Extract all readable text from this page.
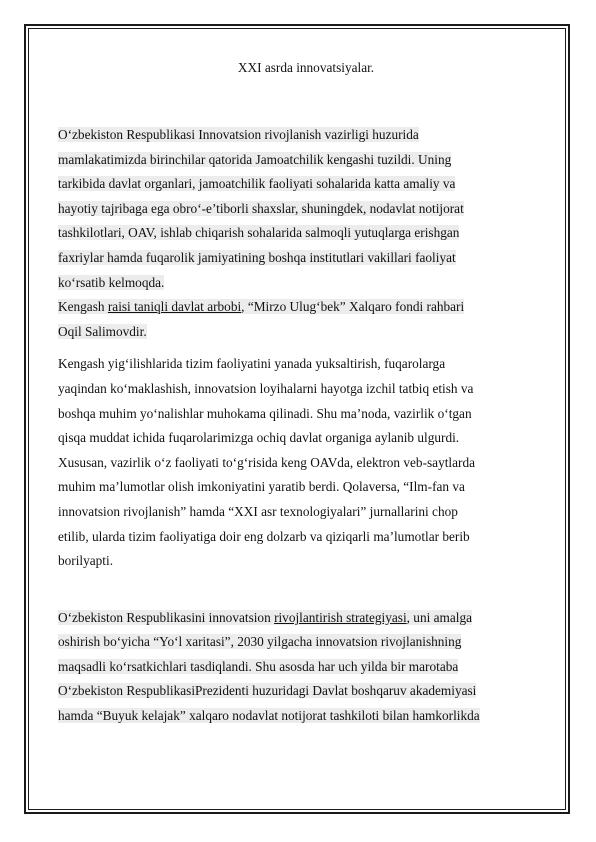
XXI asrda innovatsiyalar.
O‘zbekiston Respublikasi Innovatsion rivojlanish vazirligi huzurida
mamlakatimizda birinchilar qatorida Jamoatchilik kengashi tuzildi. Uning
tarkibida davlat organlari, jamoatchilik faoliyati sohalarida katta amaliy va
hayotiy tajribaga ega obro‘-e’tiborli shaxslar, shuningdek, nodavlat notijorat
tashkilotlari, OAV, ishlab chiqarish sohalarida salmoqli yutuqlarga erishgan
faxriylar hamda fuqarolik jamiyatining boshqa institutlari vakillari faoliyat
ko‘rsatib kelmoqda.
Kengash raisi taniqli davlat arbobi, “Mirzo Ulug‘bek” Xalqaro fondi rahbari
Oqil Salimovdir.
Kengash yig‘ilishlarida tizim faoliyatini yanada yuksaltirish, fuqarolarga
yaqindan ko‘maklashish, innovatsion loyihalarni hayotga izchil tatbiq etish va
boshqa muhim yo‘nalishlar muhokama qilinadi. Shu ma’noda, vazirlik o‘tgan
qisqa muddat ichida fuqarolarimizga ochiq davlat organiga aylanib ulgurdi.
Xususan, vazirlik o‘z faoliyati to‘g‘risida keng OAVda, elektron veb-saytlarda
muhim ma’lumotlar olish imkoniyatini yaratib berdi. Qolaversa, “Ilm-fan va
innovatsion rivojlanish” hamda “XXI asr texnologiyalari” jurnallarini chop
etilib, ularda tizim faoliyatiga doir eng dolzarb va qiziqarli ma’lumotlar berib
borilyapti.
O‘zbekiston Respublikasini innovatsion rivojlantirish strategiyasi, uni amalga
oshirish bo‘yicha “Yo‘l xaritasi”, 2030 yilgacha innovatsion rivojlanishning
maqsadli ko‘rsatkichlari tasdiqlandi. Shu asosda har uch yilda bir marotaba
O‘zbekiston RespublikasiPrezidenti huzuridagi Davlat boshqaruv akademiyasi
hamda “Buyuk kelajak” xalqaro nodavlat notijorat tashkiloti bilan hamkorlikda
